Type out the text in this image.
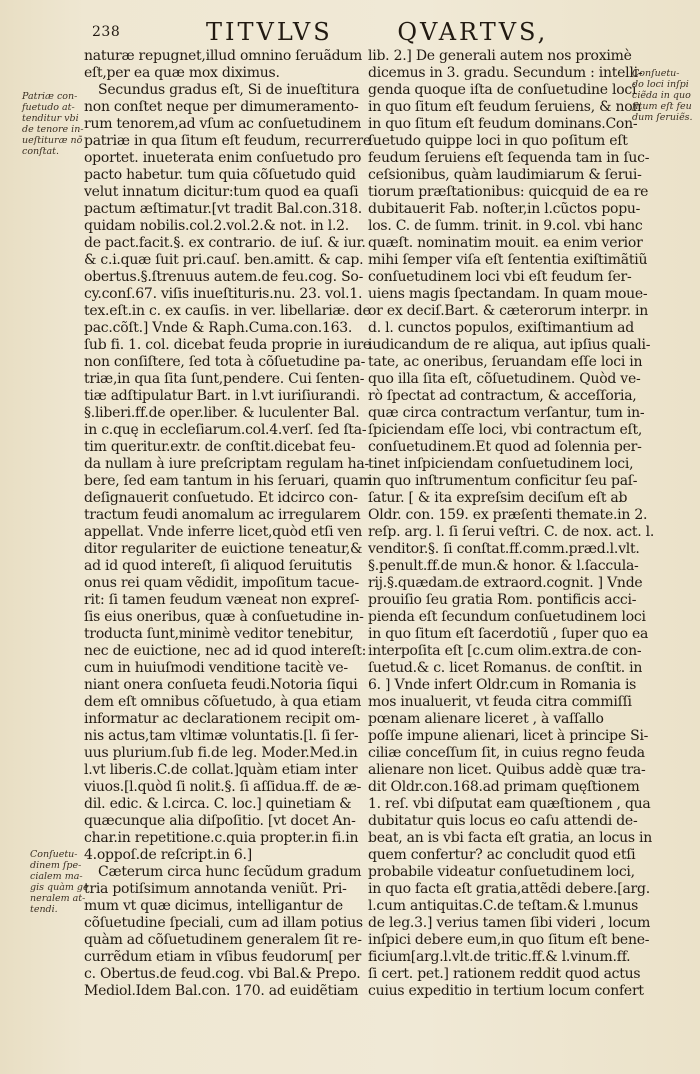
238	TITVLVS	QVARTVS,
Patriæ con-
fuetudo at-
tenditur vbi
de tenore in-
ueſtituræ nõ
conſtat.
Conſuetu-
dinem ſpe-
cialem ma-
gis quàm ge
neralem at-
tendi.
Conſuetu-
do loci inſpi
ciẽda in quo
ſitum eſt feu
dum ſeruiẽs.
naturæ repugnet,illud omnino ſeruãdum
eſt,per ea quæ mox diximus.
Secundus gradus eſt, Si de inueſtitura
non conſtet neque per dimumeramento-
rum tenorem,ad vſum ac conſuetudinem
patriæ in qua ſitum eſt feudum, recurrere
oportet. inueterata enim conſuetudo pro
pacto habetur. tum quia cõſuetudo quid
velut innatum dicitur:tum quod ea quaſi
pactum æſtimatur.[vt tradit Bal.con.318.
quidam nobilis.col.2.vol.2.& not. in l.2.
de pact.facit.§. ex contrario. de iuſ. & iur.
& c.i.quæ ſuit pri.cauſ. ben.amitt. & cap.
obertus.§.ſtrenuus autem.de feu.cog. So-
cy.conſ.67. viſis inueſtituris.nu. 23. vol.1.
tex.eſt.in c. ex cauſis. in ver. libellariæ. de
pac.cõſt.] Vnde & Raph.Cuma.con.163.
ſub fi. 1. col. dicebat feuda proprie in iure
non conſiſtere, ſed tota à cõſuetudine pa-
triæ,in qua ſita ſunt,pendere. Cui ſenten-
tiæ adſtipulatur Bart. in l.vt iuriſiurandi.
§.liberi.ff.de oper.liber. & luculenter Bal.
in c.quę in eccleſiarum.col.4.verſ. ſed ſta-
tim queritur.extr. de conſtit.dicebat feu-
da nullam à iure preſcriptam regulam ha-
bere, ſed eam tantum in his ſeruari, quam
deſignauerit conſuetudo. Et idcirco con-
tractum feudi anomalum ac irregularem
appellat. Vnde inferre licet,quòd etſi ven
ditor regulariter de euictione teneatur,&
ad id quod intereſt, ſi aliquod ſeruitutis
onus rei quam vẽdidit, impoſitum tacue-
rit: ſi tamen feudum væneat non expreſ-
ſis eius oneribus, quæ à conſuetudine in-
troducta ſunt,minimè veditor tenebitur,
nec de euictione, nec ad id quod intereſt:
cum in huiuſmodi venditione tacitè ve-
niant onera conſueta feudi.Notoria ſiqui
dem eſt omnibus cõſuetudo, à qua etiam
informatur ac declarationem recipit om-
nis actus,tam vltimæ voluntatis.[l. ſi ſer-
uus plurium.ſub fi.de leg. Moder.Med.in
l.vt liberis.C.de collat.]quàm etiam inter
viuos.[l.quòd ſi nolit.§. ſi aſſidua.ff. de æ-
dil. edic. & l.circa. C. loc.] quinetiam &
quæcunque alia diſpoſitio. [vt docet An-
char.in repetitione.c.quia propter.in fi.in
4.oppoſ.de reſcript.in 6.]
Cæterum circa hunc ſecũdum gradum
tria potiſsimum annotanda veniũt. Pri-
mum vt quæ dicimus, intelligantur de
cõſuetudine ſpeciali, cum ad illam potius
quàm ad cõſuetudinem generalem ſit re-
currẽdum etiam in vſibus feudorum[ per
c. Obertus.de feud.cog. vbi Bal.& Prepo.
Mediol.Idem Bal.con. 170. ad euidẽtiam
lib. 2.] De generali autem nos proximè
dicemus in 3. gradu. Secundum : intelli-
genda quoque iſta de conſuetudine loci
in quo ſitum eſt feudum ſeruiens, & non
in quo ſitum eſt feudum dominans.Con-
ſuetudo quippe loci in quo poſitum eſt
feudum ſeruiens eſt ſequenda tam in ſuc-
ceſsionibus, quàm laudimiarum & ſerui-
tiorum præſtationibus: quicquid de ea re
dubitauerit Fab. noſter,in l.cũctos popu-
los. C. de ſumm. trinit. in 9.col. vbi hanc
quæſt. nominatim mouit. ea enim verior
mihi ſemper viſa eſt ſententia exiſtimãtiũ
conſuetudinem loci vbi eſt feudum ſer-
uiens magis ſpectandam. In quam moue-
or ex deciſ.Bart. & cæterorum interpr. in
d. l. cunctos populos, exiſtimantium ad
iudicandum de re aliqua, aut ipſius quali-
tate, ac oneribus, ſeruandam eſſe loci in
quo illa ſita eſt, cõſuetudinem. Quòd ve-
rò ſpectat ad contractum, & acceſſoria,
quæ circa contractum verſantur, tum in-
ſpiciendam eſſe loci, vbi contractum eſt,
conſuetudinem.Et quod ad ſolennia per-
tinet inſpiciendam conſuetudinem loci,
in quo inſtrumentum conficitur ſeu paſ-
ſatur. [ & ita expreſsim deciſum eſt ab
Oldr. con. 159. ex præſenti themate.in 2.
reſp. arg. l. ſi ſerui veſtri. C. de nox. act. l.
venditor.§. ſi conſtat.ff.comm.præd.l.vlt.
§.penult.ff.de mun.& honor. & l.ſaccula-
rij.§.quædam.de extraord.cognit. ] Vnde
prouiſio ſeu gratia Rom. pontificis acci-
pienda eſt ſecundum conſuetudinem loci
in quo ſitum eſt ſacerdotiũ , ſuper quo ea
interpoſita eſt [c.cum olim.extra.de con-
ſuetud.& c. licet Romanus. de conſtit. in
6. ] Vnde infert Oldr.cum in Romania is
mos inualuerit, vt feuda citra commiſſi
pœnam alienare liceret , à vaſſallo
poſſe impune alienari, licet à principe Si-
ciliæ conceſſum ſit, in cuius regno feuda
alienare non licet. Quibus addè quæ tra-
dit Oldr.con.168.ad primam quęſtionem
1. reſ. vbi diſputat eam quæſtionem , qua
dubitatur quis locus eo caſu attendi de-
beat, an is vbi facta eſt gratia, an locus in
quem confertur? ac concludit quod etſi
probabile videatur conſuetudinem loci,
in quo facta eſt gratia,attẽdi debere.[arg.
l.cum antiquitas.C.de teſtam.& l.munus
de leg.3.] verius tamen ſibi videri , locum
inſpici debere eum,in quo ſitum eſt bene-
ficium[arg.l.vlt.de tritic.ff.& l.vinum.ff.
ſi cert. pet.] rationem reddit quod actus
cuius expeditio in tertium locum confert
